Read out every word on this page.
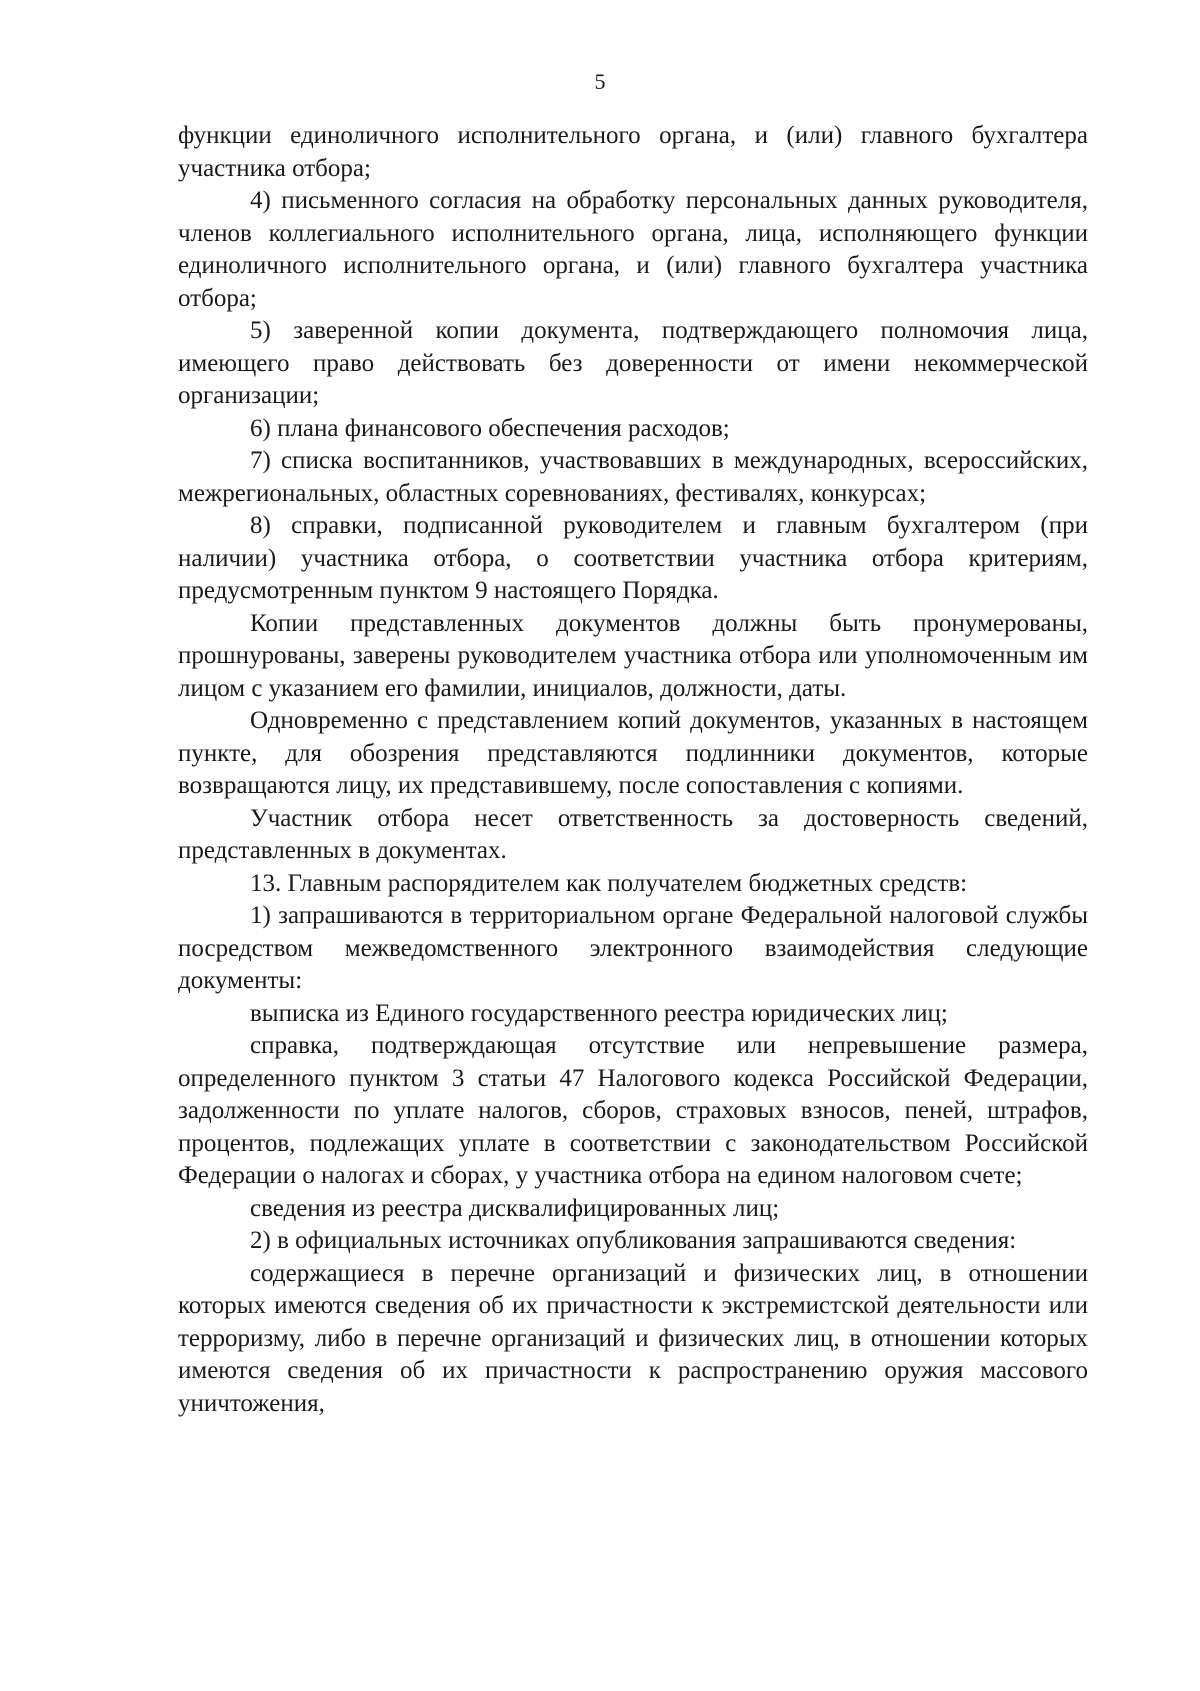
5

функции единоличного исполнительного органа, и (или) главного бухгалтера участника отбора;

4) письменного согласия на обработку персональных данных руководителя, членов коллегиального исполнительного органа, лица, исполняющего функции единоличного исполнительного органа, и (или) главного бухгалтера участника отбора;

5) заверенной копии документа, подтверждающего полномочия лица, имеющего право действовать без доверенности от имени некоммерческой организации;

6) плана финансового обеспечения расходов;

7) списка воспитанников, участвовавших в международных, всероссийских, межрегиональных, областных соревнованиях, фестивалях, конкурсах;

8) справки, подписанной руководителем и главным бухгалтером (при наличии) участника отбора, о соответствии участника отбора критериям, предусмотренным пунктом 9 настоящего Порядка.

Копии представленных документов должны быть пронумерованы, прошнурованы, заверены руководителем участника отбора или уполномоченным им лицом с указанием его фамилии, инициалов, должности, даты.

Одновременно с представлением копий документов, указанных в настоящем пункте, для обозрения представляются подлинники документов, которые возвращаются лицу, их представившему, после сопоставления с копиями.

Участник отбора несет ответственность за достоверность сведений, представленных в документах.

13. Главным распорядителем как получателем бюджетных средств:

1) запрашиваются в территориальном органе Федеральной налоговой службы посредством межведомственного электронного взаимодействия следующие документы:

выписка из Единого государственного реестра юридических лиц;

справка, подтверждающая отсутствие или непревышение размера, определенного пунктом 3 статьи 47 Налогового кодекса Российской Федерации, задолженности по уплате налогов, сборов, страховых взносов, пеней, штрафов, процентов, подлежащих уплате в соответствии с законодательством Российской Федерации о налогах и сборах, у участника отбора на едином налоговом счете;

сведения из реестра дисквалифицированных лиц;

2) в официальных источниках опубликования запрашиваются сведения:

содержащиеся в перечне организаций и физических лиц, в отношении которых имеются сведения об их причастности к экстремистской деятельности или терроризму, либо в перечне организаций и физических лиц, в отношении которых имеются сведения об их причастности к распространению оружия массового уничтожения,
